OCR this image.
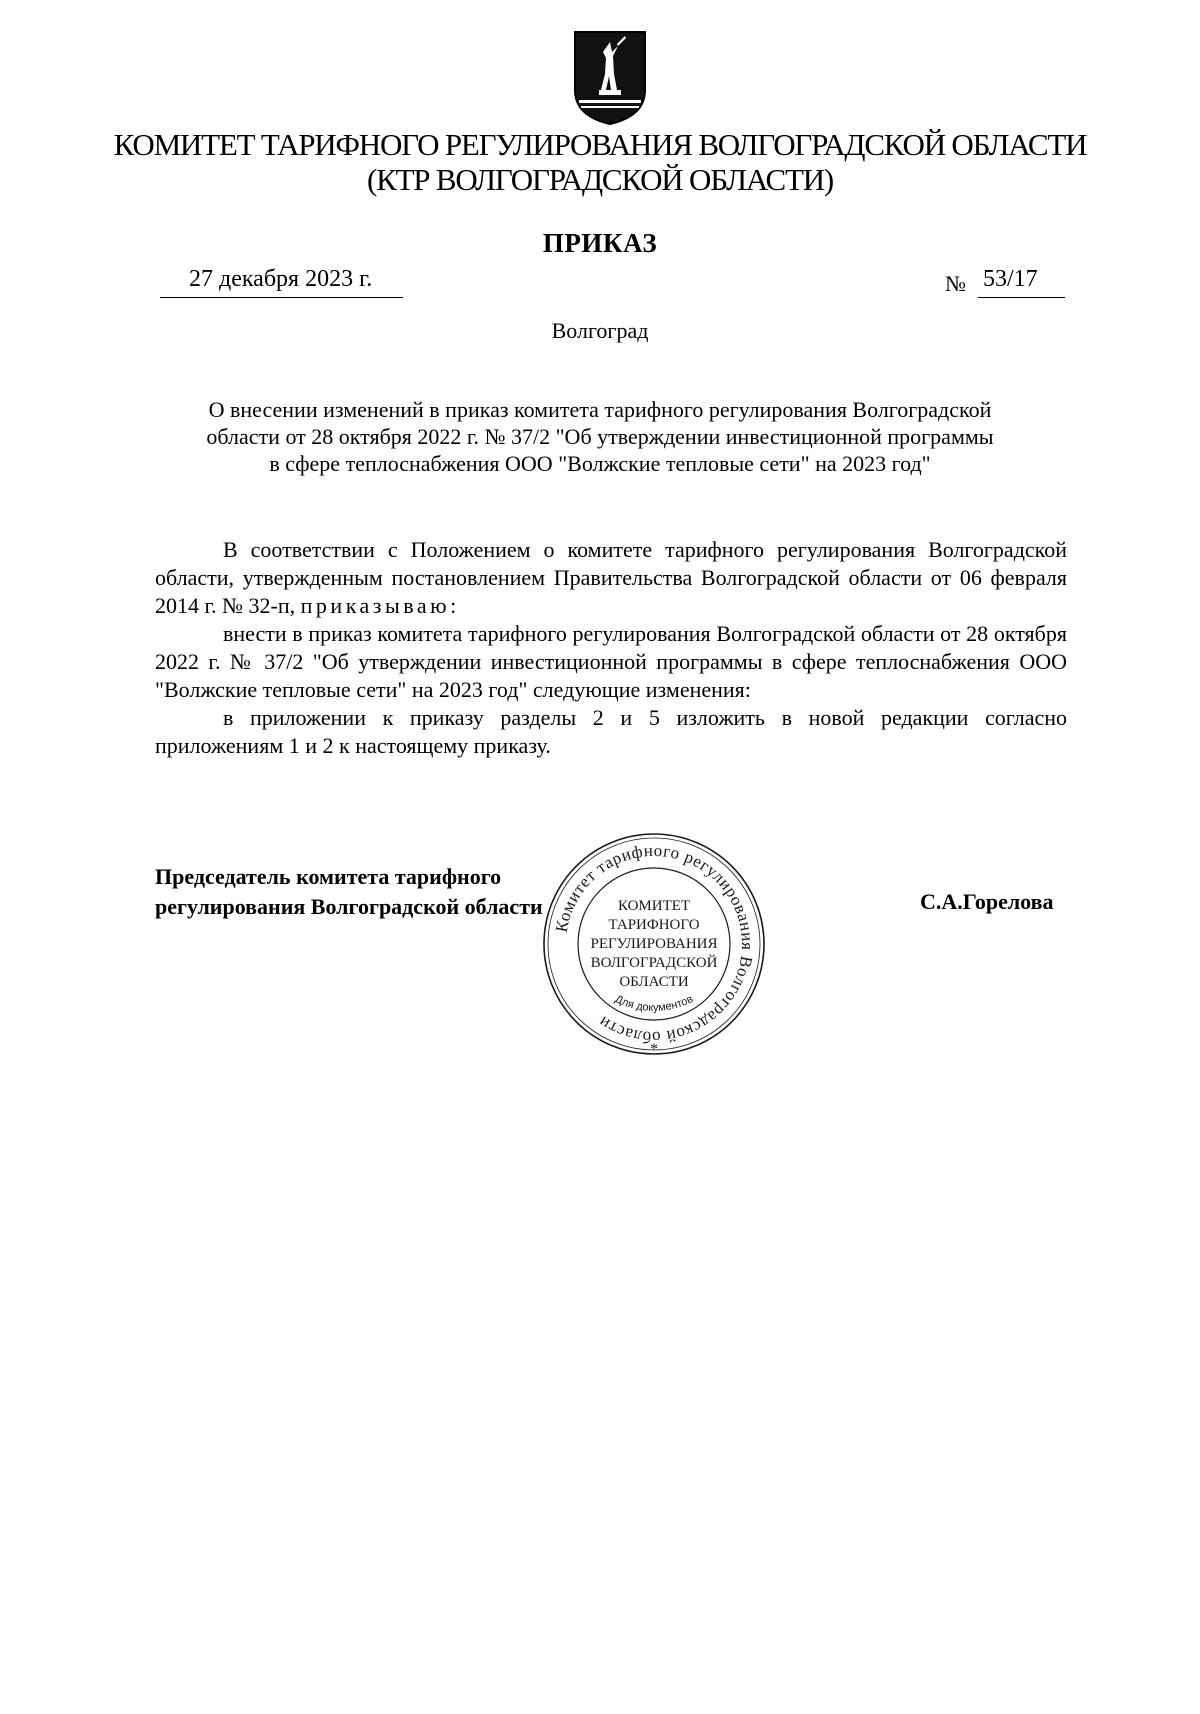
КОМИТЕТ ТАРИФНОГО РЕГУЛИРОВАНИЯ ВОЛГОГРАДСКОЙ ОБЛАСТИ
(КТР ВОЛГОГРАДСКОЙ ОБЛАСТИ)
ПРИКАЗ
27 декабря 2023 г.	№ 53/17
Волгоград
О внесении изменений в приказ комитета тарифного регулирования Волгоградской
области от 28 октября 2022 г. № 37/2 "Об утверждении инвестиционной программы
в сфере теплоснабжения ООО "Волжские тепловые сети" на 2023 год"

В соответствии с Положением о комитете тарифного регулирования Волгоградской области, утвержденным постановлением Правительства Волгоградской области от 06 февраля 2014 г. № 32-п, приказываю:

внести в приказ комитета тарифного регулирования Волгоградской области от 28 октября 2022 г. № 37/2 "Об утверждении инвестиционной программы в сфере теплоснабжения ООО "Волжские тепловые сети" на 2023 год" следующие изменения:

в приложении к приказу разделы 2 и 5 изложить в новой редакции согласно приложениям 1 и 2 к настоящему приказу.

Председатель комитета тарифного
регулирования Волгоградской области	С.А.Горелова
Комитет тарифного регулирования Волгоградской области
КОМИТЕТ
ТАРИФНОГО
РЕГУЛИРОВАНИЯ
ВОЛГОГРАДСКОЙ
ОБЛАСТИ
Для документов
*
